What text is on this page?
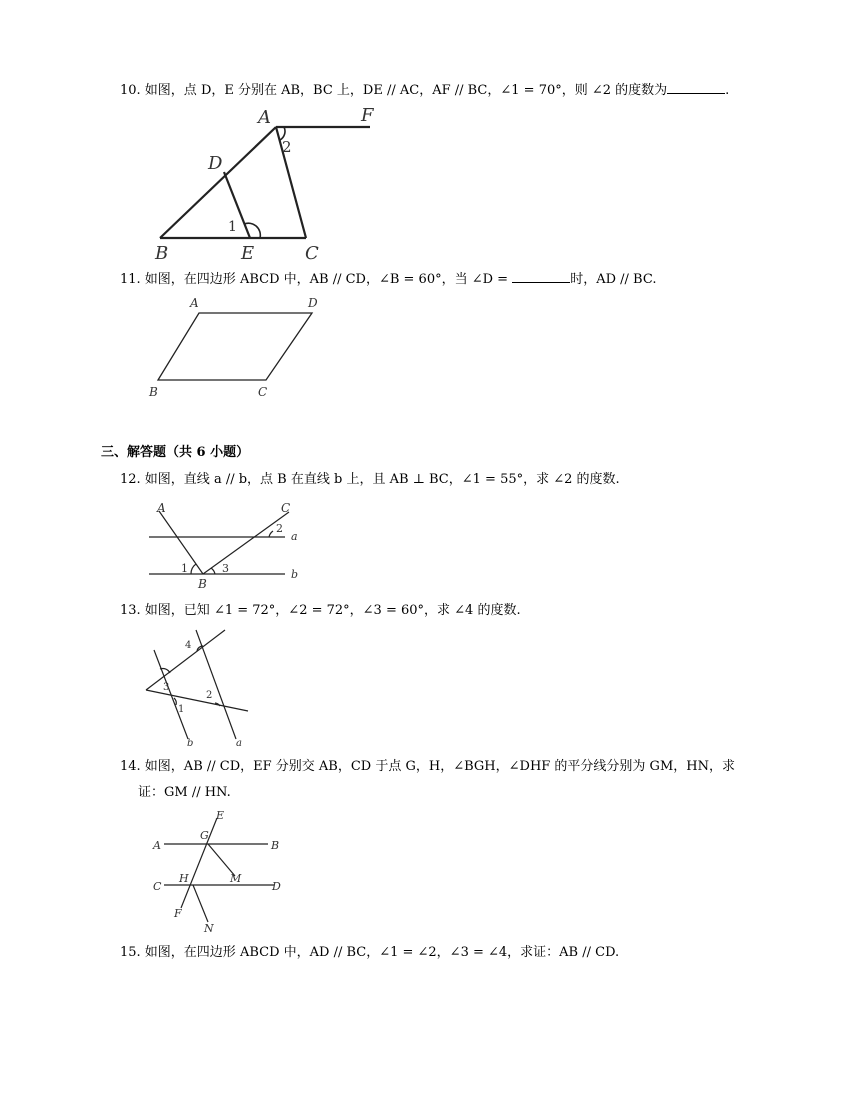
10. 如图，点 D，E 分别在 AB，BC 上，DE // AC，AF // BC，∠1 = 70°，则 ∠2 的度数为	.
A	F
D
B	E	C
1
2
11. 如图，在四边形 ABCD 中，AB // CD，∠B = 60°，当 ∠D =	时，AD // BC.
A	D
B	C
三、解答题（共 6 小题）
12. 如图，直线 a // b，点 B 在直线 b 上，且 AB ⊥ BC，∠1 = 55°，求 ∠2 的度数.
A	C
a
b
B
1
2
3
13. 如图，已知 ∠1 = 72°，∠2 = 72°，∠3 = 60°，求 ∠4 的度数.
4
3
2
1
b	a
14. 如图，AB // CD，EF 分别交 AB，CD 于点 G，H，∠BGH，∠DHF 的平分线分别为 GM，HN，求
证：GM // HN.
E
G
A	B
M
C
H
D
F
N
15. 如图，在四边形 ABCD 中，AD // BC，∠1 = ∠2，∠3 = ∠4，求证：AB // CD.
